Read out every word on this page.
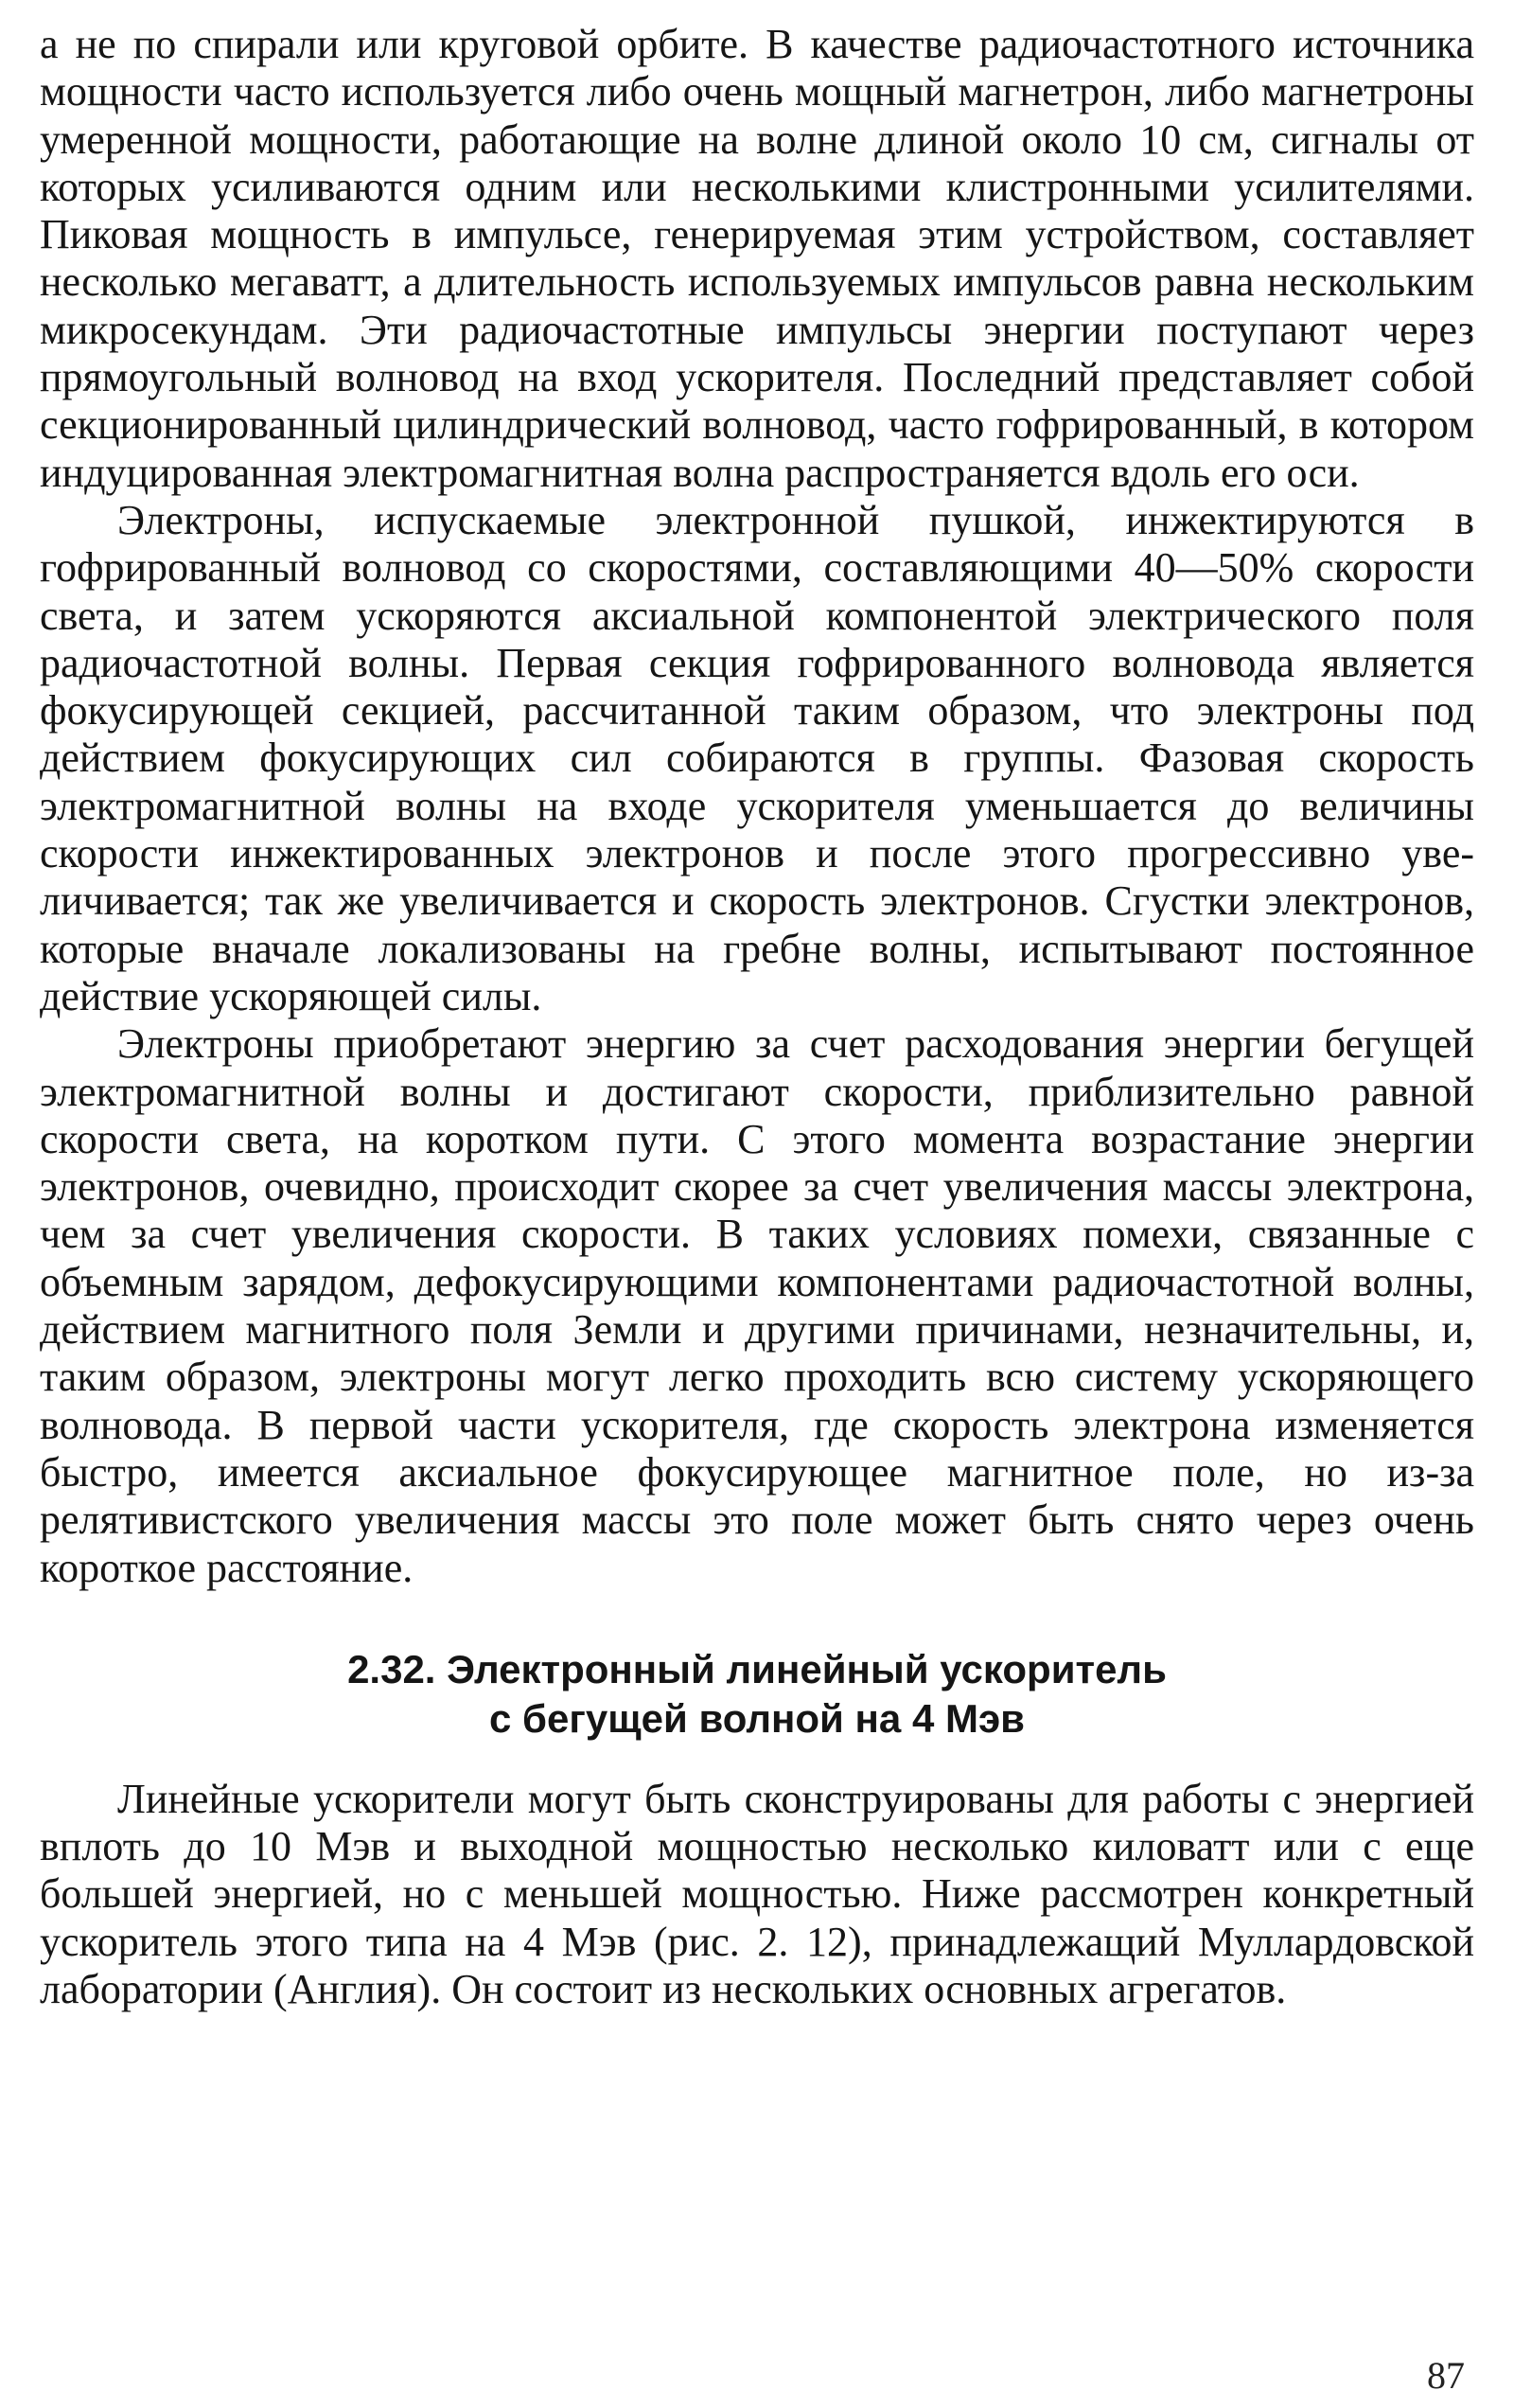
а не по спирали или круговой орбите. В качестве радиочастотного источника мощности часто используется либо очень мощный магнетрон, либо магнетроны умеренной мощности, работающие на волне длиной около 10 см, сигналы от которых усиливаются одним или несколькими клистронными усилителями. Пиковая мощность в импульсе, генерируемая этим устройством, составляет несколько мегаватт, а длительность используемых импульсов равна нескольким микросекундам. Эти радиочастотные импульсы энергии поступают через прямоугольный волновод на вход ускорителя. Последний представляет собой секционированный цилиндрический волновод, часто гофрированный, в котором индуцированная электромагнитная волна распространяется вдоль его оси.

Электроны, испускаемые электронной пушкой, инжектируются в гофрированный волновод со скоростями, составляющими 40—50% скорости света, и затем ускоряются аксиальной компонентой электрического поля радиочастотной волны. Первая секция гофрированного волновода является фокусирующей секцией, рассчитанной таким образом, что электроны под действием фокусирующих сил собираются в группы. Фазовая скорость электромагнитной волны на входе ускорителя уменьшается до величины скорости инжектированных электронов и после этого прогрессивно увеличивается; так же увеличивается и скорость электронов. Сгустки электронов, которые вначале локализованы на гребне волны, испытывают постоянное действие ускоряющей силы.

Электроны приобретают энергию за счет расходования энергии бегущей электромагнитной волны и достигают скорости, приблизительно равной скорости света, на коротком пути. С этого момента возрастание энергии электронов, очевидно, происходит скорее за счет увеличения массы электрона, чем за счет увеличения скорости. В таких условиях помехи, связанные с объемным зарядом, дефокусирующими компонентами радиочастотной волны, действием магнитного поля Земли и другими причинами, незначительны, и, таким образом, электроны могут легко проходить всю систему ускоряющего волновода. В первой части ускорителя, где скорость электрона изменяется быстро, имеется аксиальное фокусирующее магнитное поле, но из-за релятивистского увеличения массы это поле может быть снято через очень короткое расстояние.

2.32. Электронный линейный ускоритель
с бегущей волной на 4 Мэв

Линейные ускорители могут быть сконструированы для работы с энергией вплоть до 10 Мэв и выходной мощностью несколько киловатт или с еще большей энергией, но с меньшей мощностью. Ниже рассмотрен конкретный ускоритель этого типа на 4 Мэв (рис. 2. 12), принадлежащий Муллардовской лаборатории (Англия). Он состоит из нескольких основных агрегатов.

87
